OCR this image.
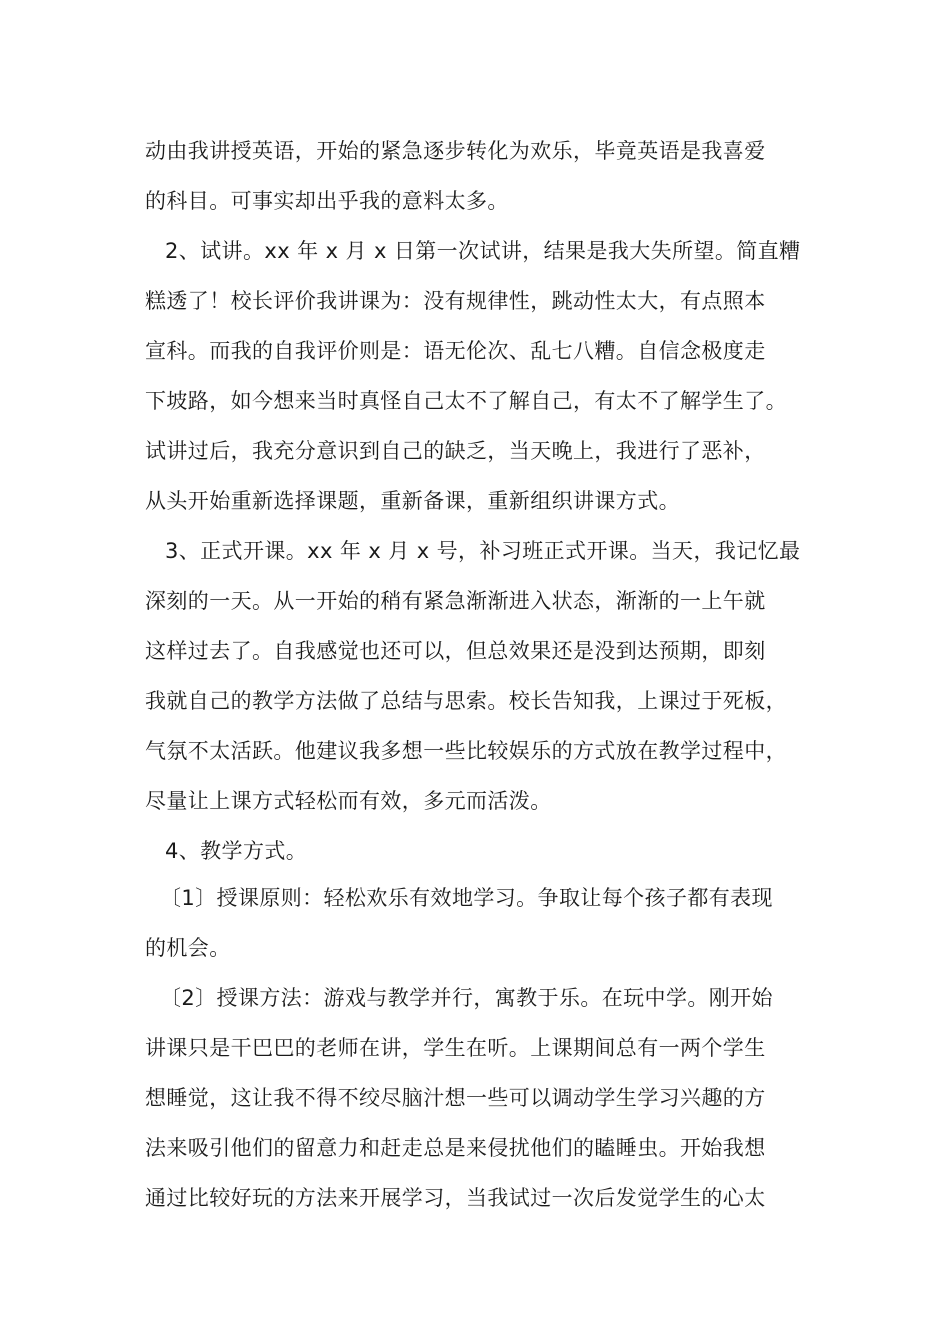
动由我讲授英语，开始的紧急逐步转化为欢乐，毕竟英语是我喜爱

的科目。可事实却出乎我的意料太多。

2、试讲。xx 年 x 月 x 日第一次试讲，结果是我大失所望。简直糟

糕透了！校长评价我讲课为：没有规律性，跳动性太大，有点照本

宣科。而我的自我评价则是：语无伦次、乱七八糟。自信念极度走

下坡路，如今想来当时真怪自己太不了解自己，有太不了解学生了。

试讲过后，我充分意识到自己的缺乏，当天晚上，我进行了恶补，

从头开始重新选择课题，重新备课，重新组织讲课方式。

3、正式开课。xx 年 x 月 x 号，补习班正式开课。当天，我记忆最

深刻的一天。从一开始的稍有紧急渐渐进入状态，渐渐的一上午就

这样过去了。自我感觉也还可以，但总效果还是没到达预期，即刻

我就自己的教学方法做了总结与思索。校长告知我，上课过于死板，

气氛不太活跃。他建议我多想一些比较娱乐的方式放在教学过程中，

尽量让上课方式轻松而有效，多元而活泼。

4、教学方式。

〔1〕授课原则：轻松欢乐有效地学习。争取让每个孩子都有表现

的机会。

〔2〕授课方法：游戏与教学并行，寓教于乐。在玩中学。刚开始

讲课只是干巴巴的老师在讲，学生在听。上课期间总有一两个学生

想睡觉，这让我不得不绞尽脑汁想一些可以调动学生学习兴趣的方

法来吸引他们的留意力和赶走总是来侵扰他们的瞌睡虫。开始我想

通过比较好玩的方法来开展学习，当我试过一次后发觉学生的心太
